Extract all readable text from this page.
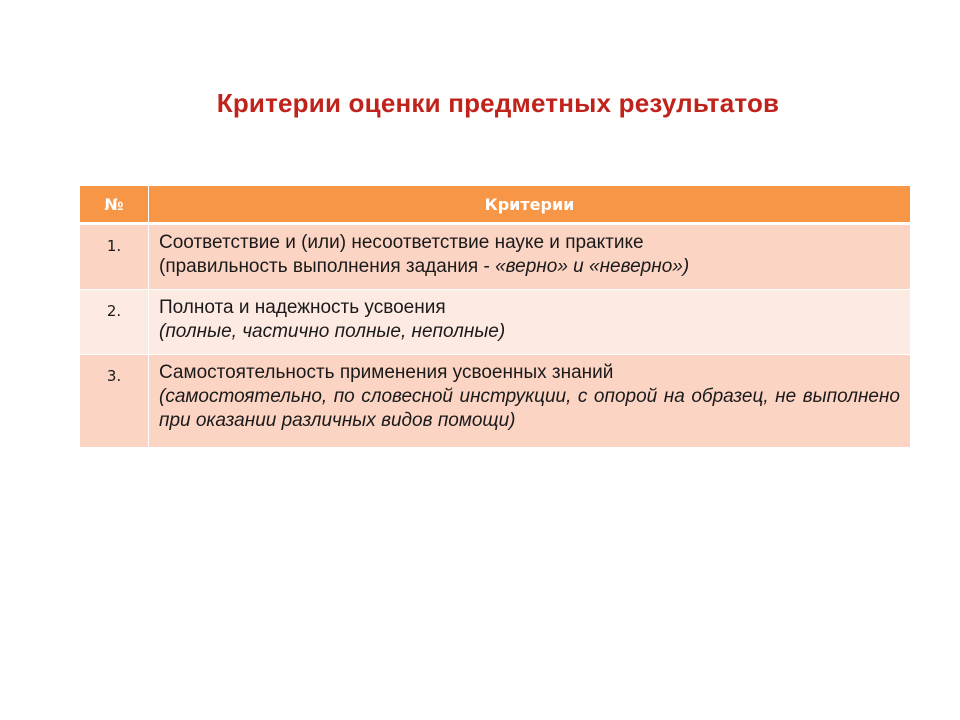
Критерии оценки предметных результатов
№	Критерии
1.	Соответствие и (или) несоответствие науке и практике
(правильность выполнения задания - «верно» и «неверно»)

2.	Полнота и надежность усвоения
(полные, частично полные, неполные)

3.	Самостоятельность применения усвоенных знаний
(самостоятельно, по словесной инструкции, с опорой на образец, не выполнено при оказании различных видов помощи)
